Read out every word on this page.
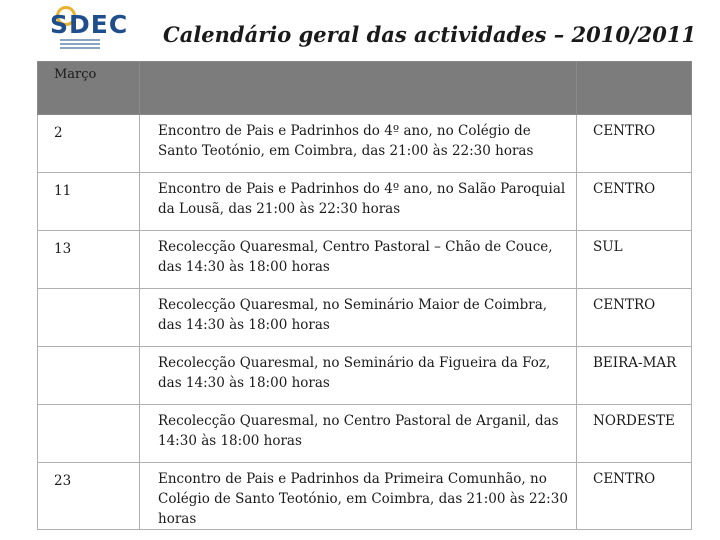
SDEC Calendário geral das actividades – 2010/2011
Março		
2	Encontro de Pais e Padrinhos do 4º ano, no Colégio de Santo Teotónio, em Coimbra, das 21:00 às 22:30 horas	CENTRO
11	Encontro de Pais e Padrinhos do 4º ano, no Salão Paroquial da Lousã, das 21:00 às 22:30 horas	CENTRO
13	Recolecção Quaresmal, Centro Pastoral – Chão de Couce, das 14:30 às 18:00 horas	SUL
	Recolecção Quaresmal, no Seminário Maior de Coimbra, das 14:30 às 18:00 horas	CENTRO
	Recolecção Quaresmal, no Seminário da Figueira da Foz, das 14:30 às 18:00 horas	BEIRA-MAR
	Recolecção Quaresmal, no Centro Pastoral de Arganil, das 14:30 às 18:00 horas	NORDESTE
23	Encontro de Pais e Padrinhos da Primeira Comunhão, no Colégio de Santo Teotónio, em Coimbra, das 21:00 às 22:30 horas	CENTRO
